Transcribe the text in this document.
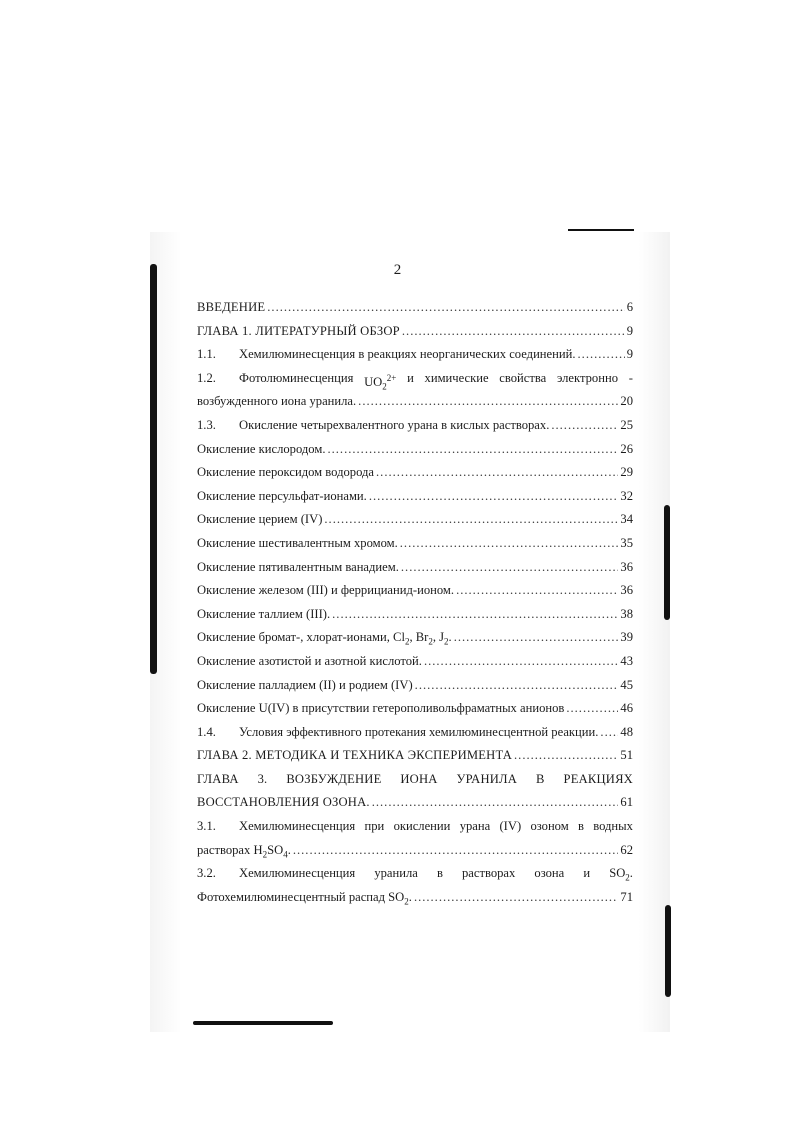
2
ВВЕДЕНИЕ .....	6
ГЛАВА 1. ЛИТЕРАТУРНЫЙ ОБЗОР .....	9
1.1.	Хемилюминесценция в реакциях неорганических соединений. .....	9
1.2.	Фотолюминесценция $UO_2^{2+}$ и химические свойства электронно -
возбужденного иона уранила. .....	20
1.3.	Окисление четырехвалентного урана в кислых растворах. .....	25
Окисление кислородом. .....	26
Окисление пероксидом водорода .....	29
Окисление персульфат-ионами. .....	32
Окисление церием (IV) .....	34
Окисление шестивалентным хромом. .....	35
Окисление пятивалентным ванадием. .....	36
Окисление железом (III) и феррицианид-ионом. .....	36
Окисление таллием (III). .....	38
Окисление бромат-, хлорат-ионами, $Cl_2$, $Br_2$, $J_2$. .....	39
Окисление азотистой и азотной кислотой. .....	43
Окисление палладием (II) и родием (IV) .....	45
Окисление U(IV) в присутствии гетерополивольфраматных анионов .....	46
1.4.	Условия эффективного протекания хемилюминесцентной реакции. ..... 48
ГЛАВА 2. МЕТОДИКА И ТЕХНИКА ЭКСПЕРИМЕНТА .....	51
ГЛАВА 3. ВОЗБУЖДЕНИЕ ИОНА УРАНИЛА В РЕАКЦИЯХ
ВОССТАНОВЛЕНИЯ ОЗОНА. .....	61
3.1.	Хемилюминесценция при окислении урана (IV) озоном в водных
растворах $H_2SO_4$. .....	62
3.2.	Хемилюминесценция уранила в растворах озона и $SO_2$.
Фотохемилюминесцентный распад $SO_2$. .....	71
